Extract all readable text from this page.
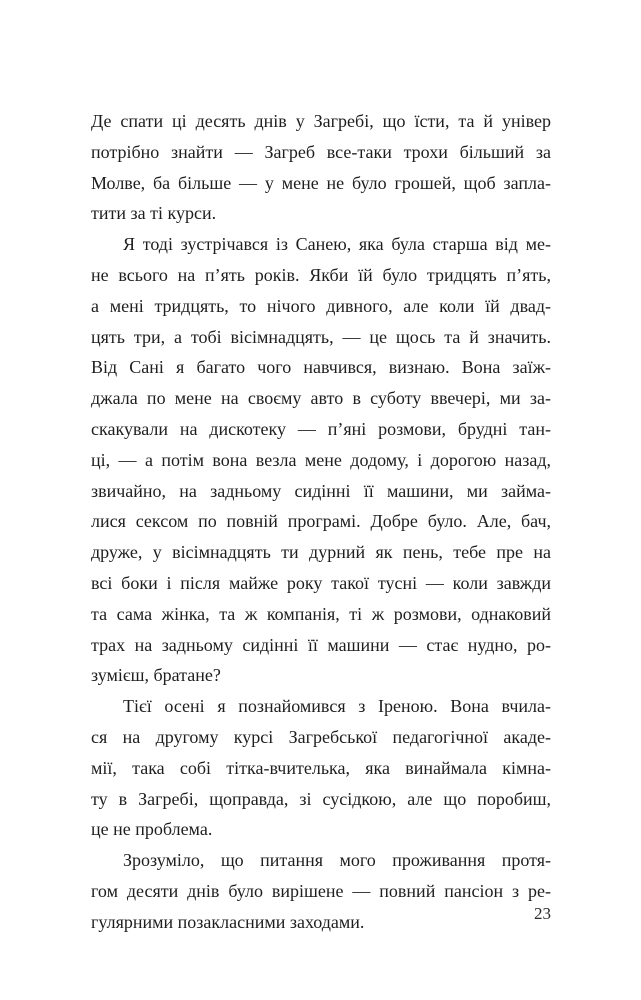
Де спати ці десять днів у Загребі, що їсти, та й універ
потрібно знайти — Загреб все-таки трохи більший за
Молве, ба більше — у мене не було грошей, щоб запла-
тити за ті курси.
Я тоді зустрічався із Санею, яка була старша від ме-
не всього на п’ять років. Якби їй було тридцять п’ять,
а мені тридцять, то нічого дивного, але коли їй двад-
цять три, а тобі вісімнадцять, — це щось та й значить.
Від Сані я багато чого навчився, визнаю. Вона заїж-
джала по мене на своєму авто в суботу ввечері, ми за-
скакували на дискотеку — п’яні розмови, брудні тан-
ці, — а потім вона везла мене додому, і дорогою назад,
звичайно, на задньому сидінні її машини, ми займа-
лися сексом по повній програмі. Добре було. Але, бач,
друже, у вісімнадцять ти дурний як пень, тебе пре на
всі боки і після майже року такої тусні — коли завжди
та сама жінка, та ж компанія, ті ж розмови, однаковий
трах на задньому сидінні її машини — стає нудно, ро-
зумієш, братане?
Тієї осені я познайомився з Іреною. Вона вчила-
ся на другому курсі Загребської педагогічної акаде-
мії, така собі тітка-вчителька, яка винаймала кімна-
ту в Загребі, щоправда, зі сусідкою, але що поробиш,
це не проблема.
Зрозуміло, що питання мого проживання протя-
гом десяти днів було вирішене — повний пансіон з ре-
гулярними позакласними заходами.	23
